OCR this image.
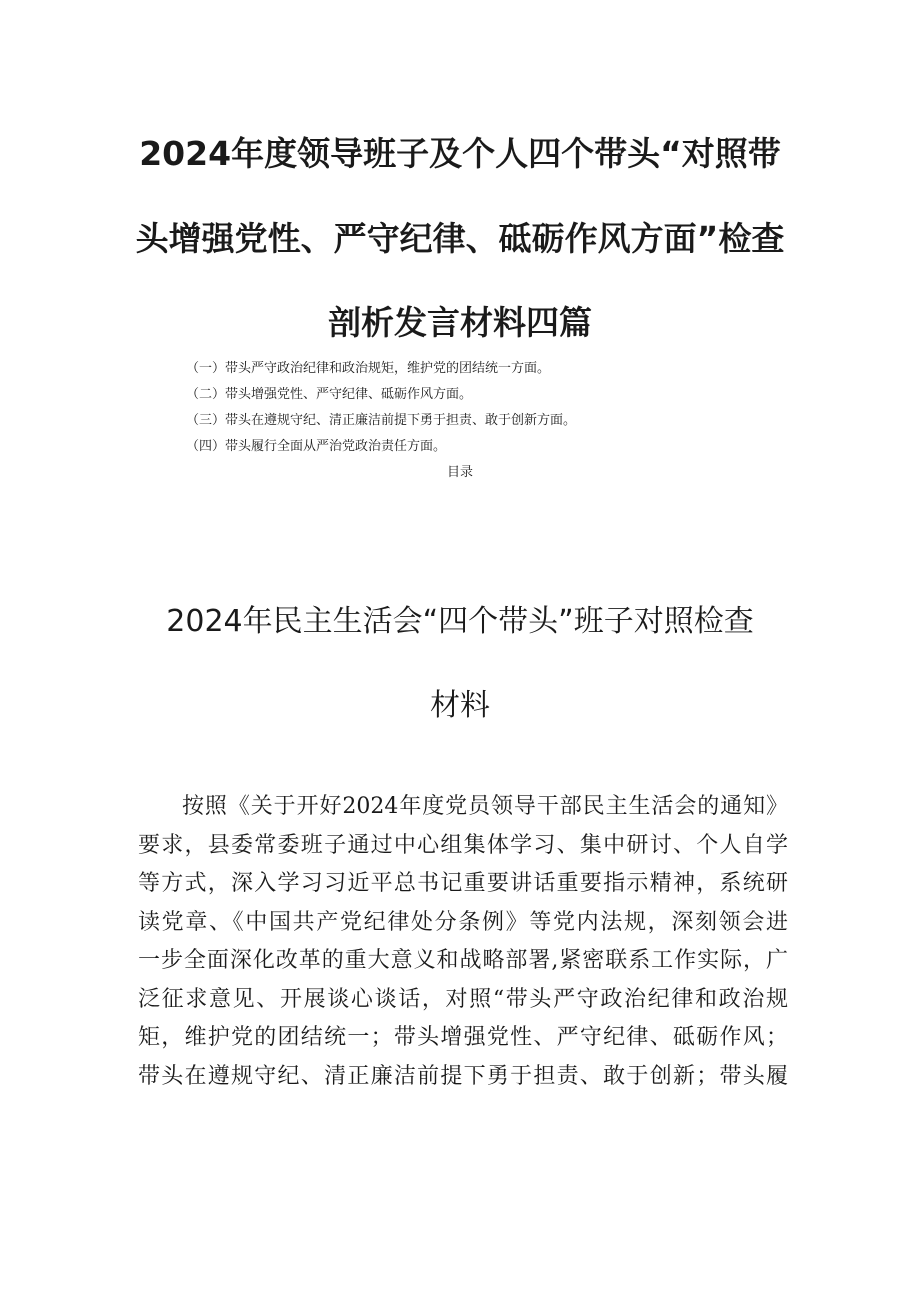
2024年度领导班子及个人四个带头“对照带
头增强党性、严守纪律、砥砺作风方面”检查
剖析发言材料四篇
（一）带头严守政治纪律和政治规矩，维护党的团结统一方面。
（二）带头增强党性、严守纪律、砥砺作风方面。
（三）带头在遵规守纪、清正廉洁前提下勇于担责、敢于创新方面。
（四）带头履行全面从严治党政治责任方面。
目录
2024年民主生活会“四个带头”班子对照检查
材料
按照《关于开好2024年度党员领导干部民主生活会的通知》
要求，县委常委班子通过中心组集体学习、集中研讨、个人自学
等方式，深入学习习近平总书记重要讲话重要指示精神，系统研
读党章、《中国共产党纪律处分条例》等党内法规，深刻领会进
一步全面深化改革的重大意义和战略部署,紧密联系工作实际，广
泛征求意见、开展谈心谈话，对照“带头严守政治纪律和政治规
矩，维护党的团结统一；带头增强党性、严守纪律、砥砺作风；
带头在遵规守纪、清正廉洁前提下勇于担责、敢于创新；带头履
